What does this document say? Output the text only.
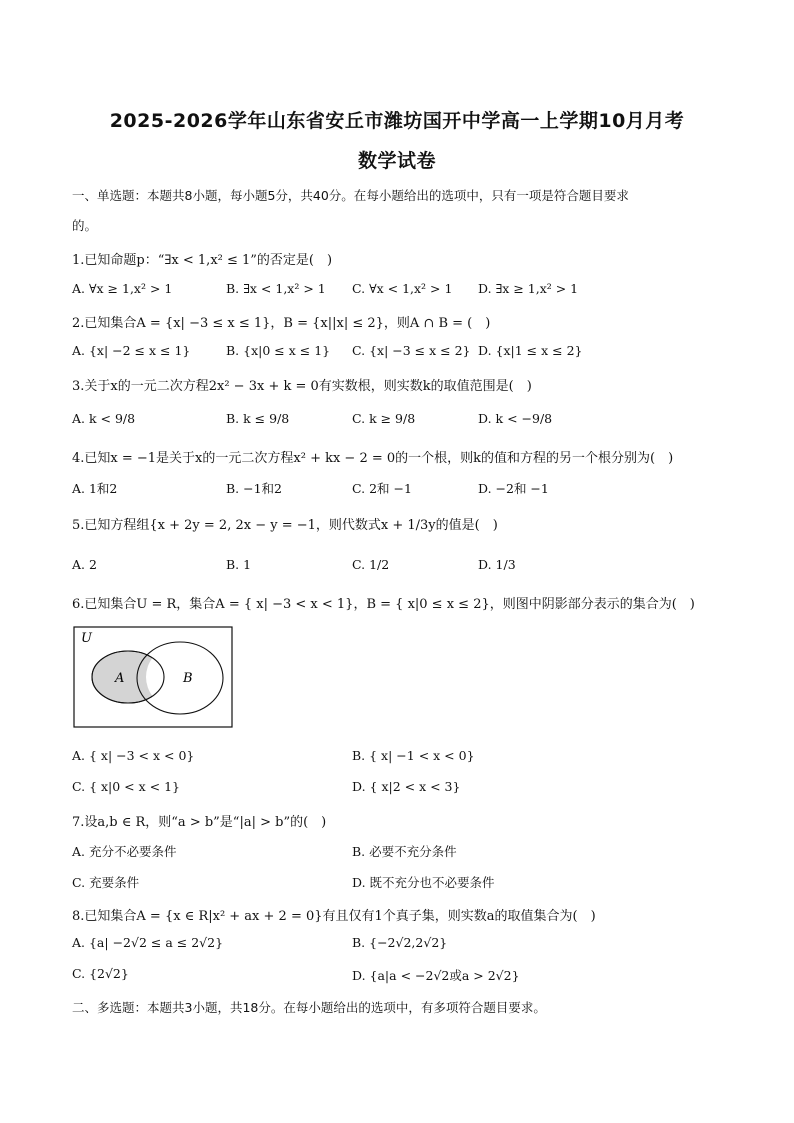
2025-2026学年山东省安丘市潍坊国开中学高一上学期10月月考
数学试卷
一、单选题：本题共8小题，每小题5分，共40分。在每小题给出的选项中，只有一项是符合题目要求
的。
1.已知命题p：“∃x < 1,x² ≤ 1”的否定是(　)
A. ∀x ≥ 1,x² > 1	B. ∃x < 1,x² > 1 C. ∀x < 1,x² > 1 D. ∃x ≥ 1,x² > 1
2.已知集合A = {x| −3 ≤ x ≤ 1}，B = {x||x| ≤ 2}，则A ∩ B = (　)
A. {x| −2 ≤ x ≤ 1}	B. {x|0 ≤ x ≤ 1} C. {x| −3 ≤ x ≤ 2} D. {x|1 ≤ x ≤ 2}
3.关于x的一元二次方程2x² − 3x + k = 0有实数根，则实数k的取值范围是(　)
A. k < 9/8	B. k ≤ 9/8	C. k ≥ 9/8	D. k < −9/8
4.已知x = −1是关于x的一元二次方程x² + kx − 2 = 0的一个根，则k的值和方程的另一个根分别为(　)
A. 1和2	B. −1和2	C. 2和 −1	D. −2和 −1
5.已知方程组{x + 2y = 2, 2x − y = −1，则代数式x + 1/3y的值是(　)
A. 2	B. 1	C. 1/2	D. 1/3
6.已知集合U = R，集合A = { x| −3 < x < 1}，B = { x|0 ≤ x ≤ 2}，则图中阴影部分表示的集合为(　)
U
A	B
A. { x| −3 < x < 0}	B. { x| −1 < x < 0}
C. { x|0 < x < 1}	D. { x|2 < x < 3}
7.设a,b ∈ R，则“a > b”是“|a| > b”的(　)
A. 充分不必要条件	B. 必要不充分条件
C. 充要条件	D. 既不充分也不必要条件
8.已知集合A = {x ∈ R|x² + ax + 2 = 0}有且仅有1个真子集，则实数a的取值集合为(　)
A. {a| −2√2 ≤ a ≤ 2√2}	B. {−2√2,2√2}
C. {2√2}	D. {a|a < −2√2或a > 2√2}
二、多选题：本题共3小题，共18分。在每小题给出的选项中，有多项符合题目要求。
